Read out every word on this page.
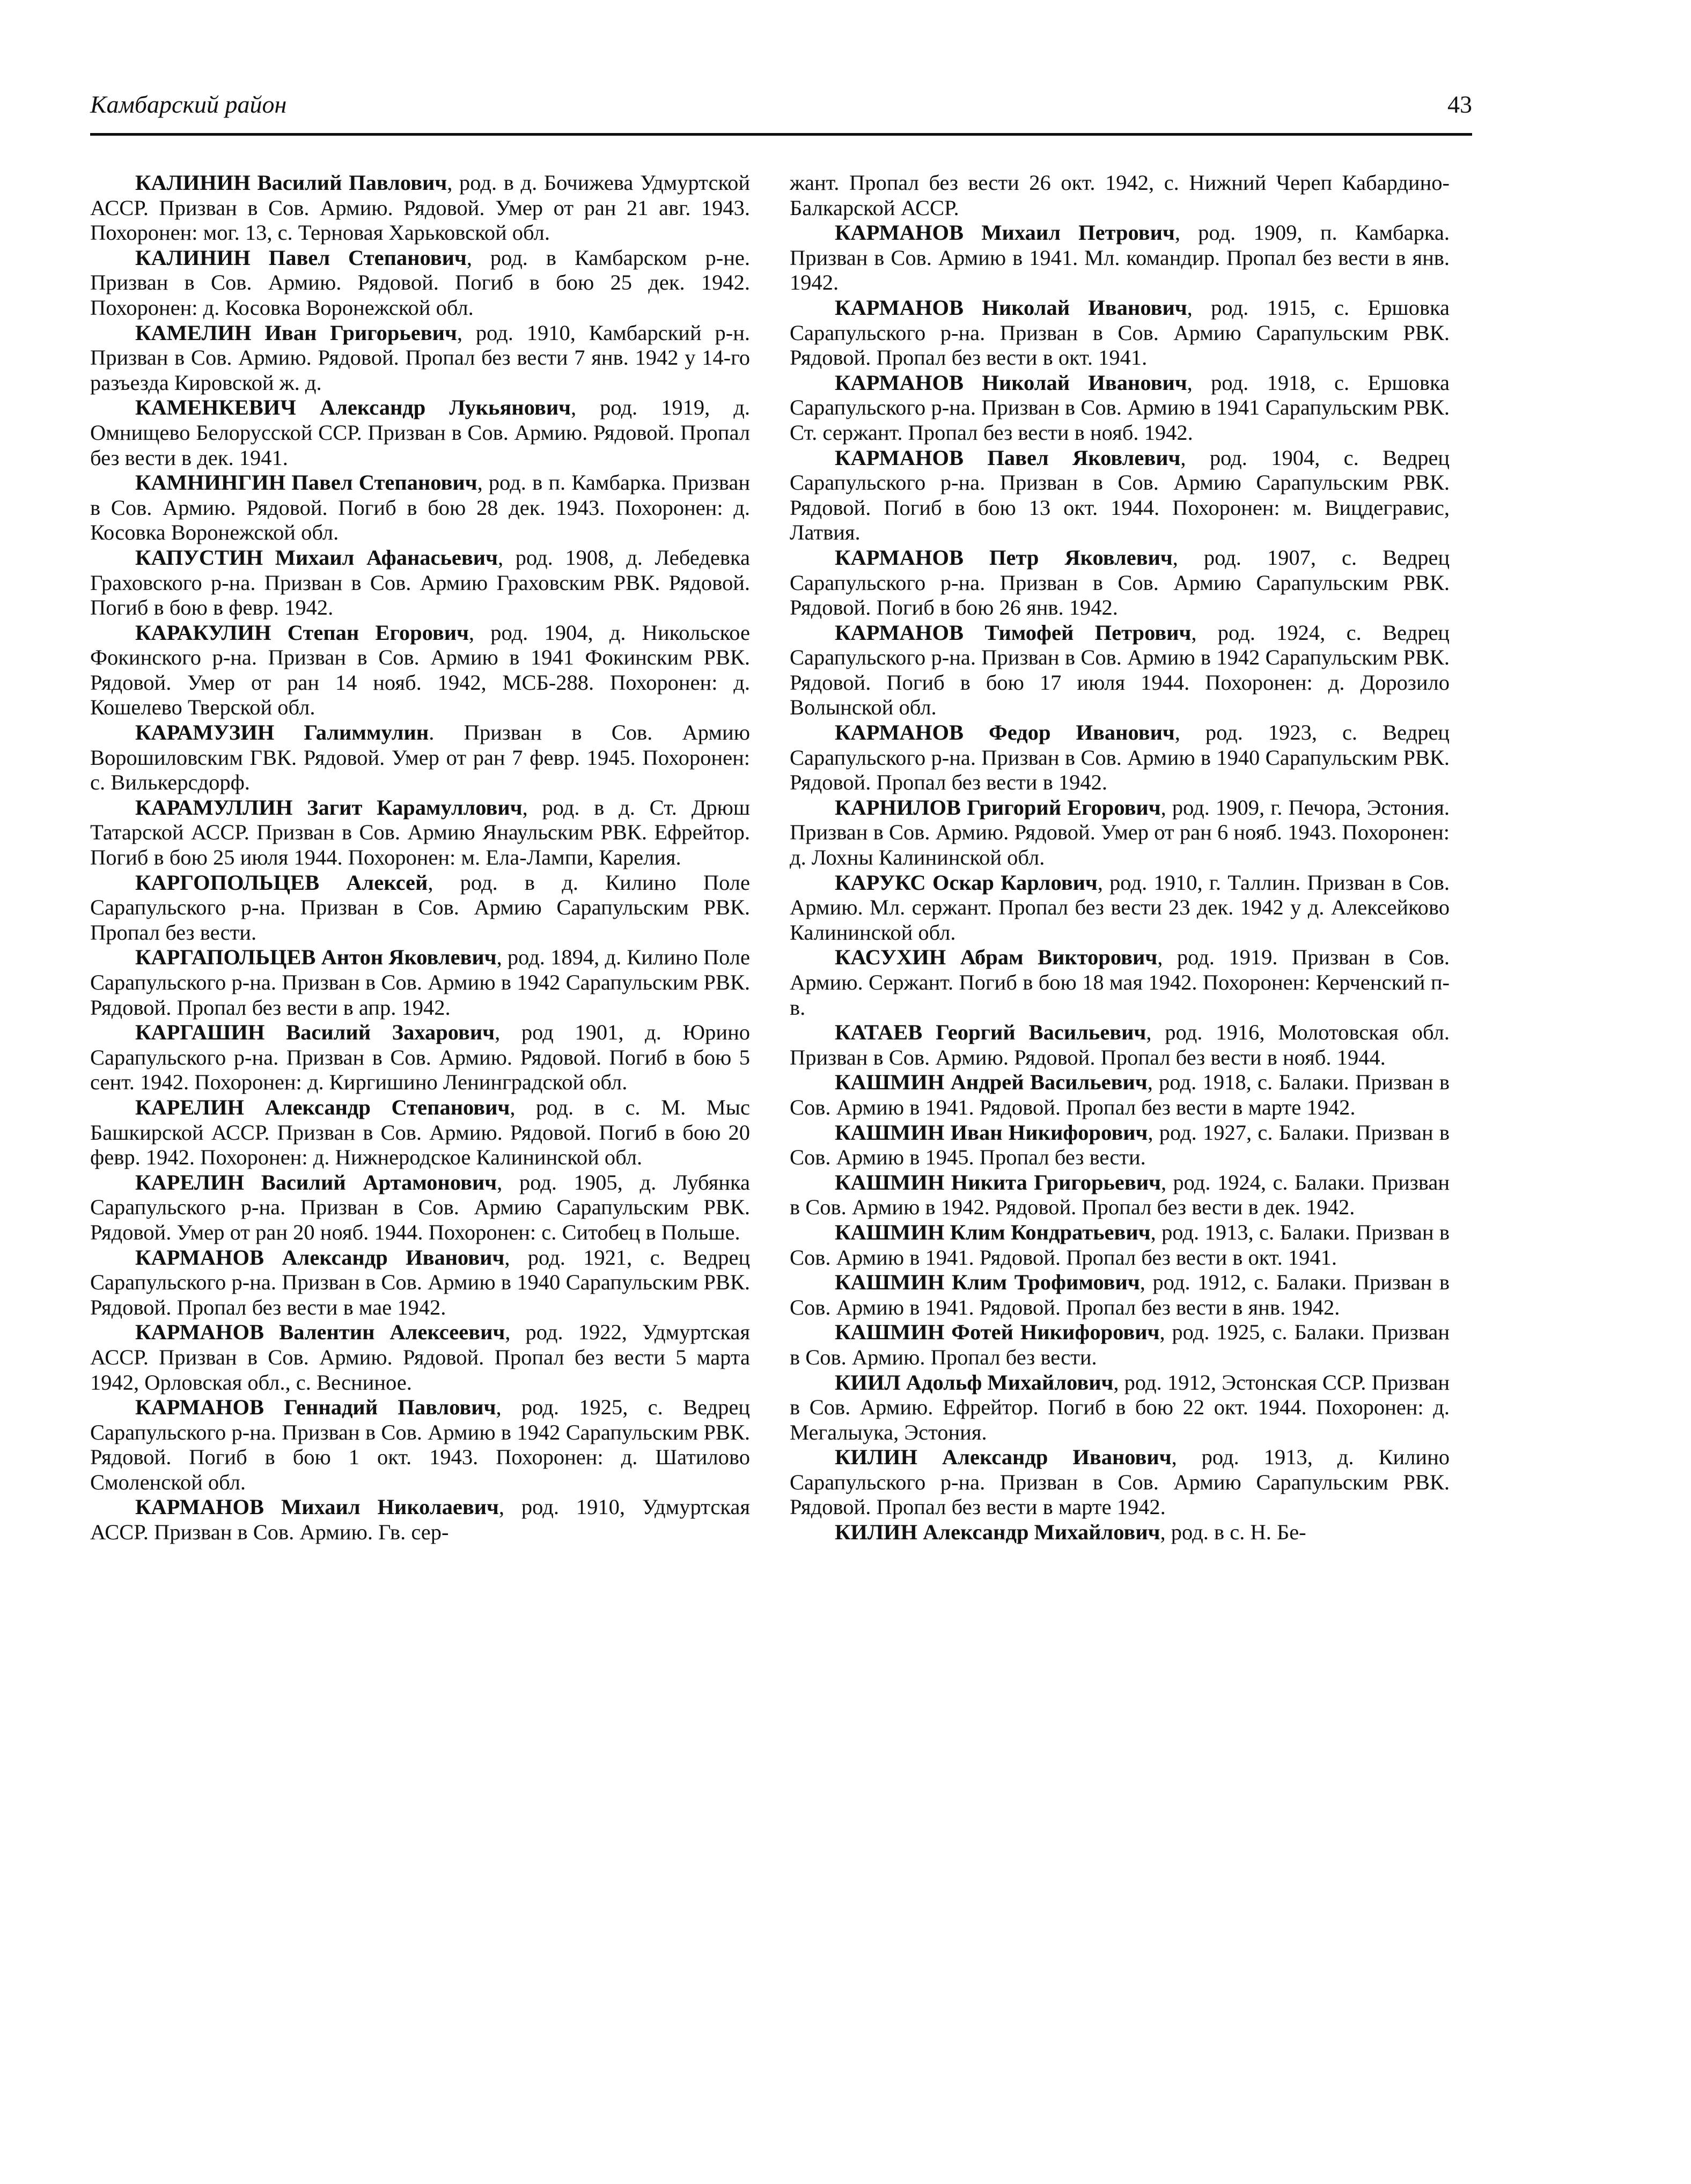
Камбарский район	43

КАЛИНИН Василий Павлович, род. в д. Бочижева Удмуртской АССР. Призван в Сов. Армию. Рядовой. Умер от ран 21 авг. 1943. Похоронен: мог. 13, с. Терновая Харьковской обл.

КАЛИНИН Павел Степанович, род. в Камбарском р-не. Призван в Сов. Армию. Рядовой. Погиб в бою 25 дек. 1942. Похоронен: д. Косовка Воронежской обл.

КАМЕЛИН Иван Григорьевич, род. 1910, Камбарский р-н. Призван в Сов. Армию. Рядовой. Пропал без вести 7 янв. 1942 у 14-го разъезда Кировской ж. д.

КАМЕНКЕВИЧ Александр Лукьянович, род. 1919, д. Омнищево Белорусской ССР. Призван в Сов. Армию. Рядовой. Пропал без вести в дек. 1941.

КАМНИНГИН Павел Степанович, род. в п. Камбарка. Призван в Сов. Армию. Рядовой. Погиб в бою 28 дек. 1943. Похоронен: д. Косовка Воронежской обл.

КАПУСТИН Михаил Афанасьевич, род. 1908, д. Лебедевка Граховского р-на. Призван в Сов. Армию Граховским РВК. Рядовой. Погиб в бою в февр. 1942.

КАРАКУЛИН Степан Егорович, род. 1904, д. Никольское Фокинского р-на. Призван в Сов. Армию в 1941 Фокинским РВК. Рядовой. Умер от ран 14 нояб. 1942, МСБ-288. Похоронен: д. Кошелево Тверской обл.

КАРАМУЗИН Галиммулин. Призван в Сов. Армию Ворошиловским ГВК. Рядовой. Умер от ран 7 февр. 1945. Похоронен: с. Вилькерсдорф.

КАРАМУЛЛИН Загит Карамуллович, род. в д. Ст. Дрюш Татарской АССР. Призван в Сов. Армию Янаульским РВК. Ефрейтор. Погиб в бою 25 июля 1944. Похоронен: м. Ела-Лампи, Карелия.

КАРГОПОЛЬЦЕВ Алексей, род. в д. Килино Поле Сарапульского р-на. Призван в Сов. Армию Сарапульским РВК. Пропал без вести.

КАРГАПОЛЬЦЕВ Антон Яковлевич, род. 1894, д. Килино Поле Сарапульского р-на. Призван в Сов. Армию в 1942 Сарапульским РВК. Рядовой. Пропал без вести в апр. 1942.

КАРГАШИН Василий Захарович, род 1901, д. Юрино Сарапульского р-на. Призван в Сов. Армию. Рядовой. Погиб в бою 5 сент. 1942. Похоронен: д. Киргишино Ленинградской обл.

КАРЕЛИН Александр Степанович, род. в с. М. Мыс Башкирской АССР. Призван в Сов. Армию. Рядовой. Погиб в бою 20 февр. 1942. Похоронен: д. Нижнеродское Калининской обл.

КАРЕЛИН Василий Артамонович, род. 1905, д. Лубянка Сарапульского р-на. Призван в Сов. Армию Сарапульским РВК. Рядовой. Умер от ран 20 нояб. 1944. Похоронен: с. Ситобец в Польше.

КАРМАНОВ Александр Иванович, род. 1921, с. Ведрец Сарапульского р-на. Призван в Сов. Армию в 1940 Сарапульским РВК. Рядовой. Пропал без вести в мае 1942.

КАРМАНОВ Валентин Алексеевич, род. 1922, Удмуртская АССР. Призван в Сов. Армию. Рядовой. Пропал без вести 5 марта 1942, Орловская обл., с. Весниное.

КАРМАНОВ Геннадий Павлович, род. 1925, с. Ведрец Сарапульского р-на. Призван в Сов. Армию в 1942 Сарапульским РВК. Рядовой. Погиб в бою 1 окт. 1943. Похоронен: д. Шатилово Смоленской обл.

КАРМАНОВ Михаил Николаевич, род. 1910, Удмуртская АССР. Призван в Сов. Армию. Гв. сер-

жант. Пропал без вести 26 окт. 1942, с. Нижний Череп Кабардино-Балкарской АССР.

КАРМАНОВ Михаил Петрович, род. 1909, п. Камбарка. Призван в Сов. Армию в 1941. Мл. командир. Пропал без вести в янв. 1942.

КАРМАНОВ Николай Иванович, род. 1915, с. Ершовка Сарапульского р-на. Призван в Сов. Армию Сарапульским РВК. Рядовой. Пропал без вести в окт. 1941.

КАРМАНОВ Николай Иванович, род. 1918, с. Ершовка Сарапульского р-на. Призван в Сов. Армию в 1941 Сарапульским РВК. Ст. сержант. Пропал без вести в нояб. 1942.

КАРМАНОВ Павел Яковлевич, род. 1904, с. Ведрец Сарапульского р-на. Призван в Сов. Армию Сарапульским РВК. Рядовой. Погиб в бою 13 окт. 1944. Похоронен: м. Вицдегравис, Латвия.

КАРМАНОВ Петр Яковлевич, род. 1907, с. Ведрец Сарапульского р-на. Призван в Сов. Армию Сарапульским РВК. Рядовой. Погиб в бою 26 янв. 1942.

КАРМАНОВ Тимофей Петрович, род. 1924, с. Ведрец Сарапульского р-на. Призван в Сов. Армию в 1942 Сарапульским РВК. Рядовой. Погиб в бою 17 июля 1944. Похоронен: д. Дорозило Волынской обл.

КАРМАНОВ Федор Иванович, род. 1923, с. Ведрец Сарапульского р-на. Призван в Сов. Армию в 1940 Сарапульским РВК. Рядовой. Пропал без вести в 1942.

КАРНИЛОВ Григорий Егорович, род. 1909, г. Печора, Эстония. Призван в Сов. Армию. Рядовой. Умер от ран 6 нояб. 1943. Похоронен: д. Лохны Калининской обл.

КАРУКС Оскар Карлович, род. 1910, г. Таллин. Призван в Сов. Армию. Мл. сержант. Пропал без вести 23 дек. 1942 у д. Алексейково Калининской обл.

КАСУХИН Абрам Викторович, род. 1919. Призван в Сов. Армию. Сержант. Погиб в бою 18 мая 1942. Похоронен: Керченский п-в.

КАТАЕВ Георгий Васильевич, род. 1916, Молотовская обл. Призван в Сов. Армию. Рядовой. Пропал без вести в нояб. 1944.

КАШМИН Андрей Васильевич, род. 1918, с. Балаки. Призван в Сов. Армию в 1941. Рядовой. Пропал без вести в марте 1942.

КАШМИН Иван Никифорович, род. 1927, с. Балаки. Призван в Сов. Армию в 1945. Пропал без вести.

КАШМИН Никита Григорьевич, род. 1924, с. Балаки. Призван в Сов. Армию в 1942. Рядовой. Пропал без вести в дек. 1942.

КАШМИН Клим Кондратьевич, род. 1913, с. Балаки. Призван в Сов. Армию в 1941. Рядовой. Пропал без вести в окт. 1941.

КАШМИН Клим Трофимович, род. 1912, с. Балаки. Призван в Сов. Армию в 1941. Рядовой. Пропал без вести в янв. 1942.

КАШМИН Фотей Никифорович, род. 1925, с. Балаки. Призван в Сов. Армию. Пропал без вести.

КИИЛ Адольф Михайлович, род. 1912, Эстонская ССР. Призван в Сов. Армию. Ефрейтор. Погиб в бою 22 окт. 1944. Похоронен: д. Мегалыука, Эстония.

КИЛИН Александр Иванович, род. 1913, д. Килино Сарапульского р-на. Призван в Сов. Армию Сарапульским РВК. Рядовой. Пропал без вести в марте 1942.

КИЛИН Александр Михайлович, род. в с. Н. Бе-
